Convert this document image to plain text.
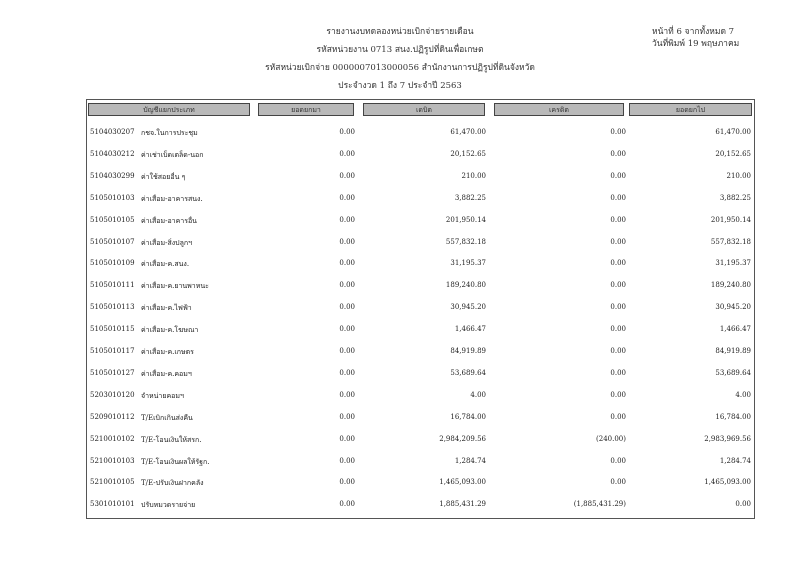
รายงานงบทดลองหน่วยเบิกจ่ายรายเดือน
รหัสหน่วยงาน 0713 สนง.ปฏิรูปที่ดินเพื่อเกษต
รหัสหน่วยเบิกจ่าย 0000007013000056 สำนักงานการปฏิรูปที่ดินจังหวัด
ประจำงวด 1 ถึง 7 ประจำปี 2563
หน้าที่ 6 จากทั้งหมด 7
วันที่พิมพ์ 19 พฤษภาคม
บัญชีแยกประเภท	ยอดยกมา	เดบิต	เครดิต	ยอดยกไป
5104030207 กชจ.ในการประชุม	0.00	61,470.00	0.00	61,470.00
5104030212 ค่าเช่าเบ็ดเตล็ด-นอก	0.00	20,152.65	0.00	20,152.65
5104030299 ค่าใช้สอยอื่น ๆ	0.00	210.00	0.00	210.00
5105010103 ค่าเสื่อม-อาคารสนง.	0.00	3,882.25	0.00	3,882.25
5105010105 ค่าเสื่อม-อาคารอื่น	0.00	201,950.14	0.00	201,950.14
5105010107 ค่าเสื่อม-สิ่งปลูกฯ	0.00	557,832.18	0.00	557,832.18
5105010109 ค่าเสื่อม-ค.สนง.	0.00	31,195.37	0.00	31,195.37
5105010111 ค่าเสื่อม-ค.ยานพาหนะ	0.00	189,240.80	0.00	189,240.80
5105010113 ค่าเสื่อม-ค.ไฟฟ้า	0.00	30,945.20	0.00	30,945.20
5105010115 ค่าเสื่อม-ค.โฆษณา	0.00	1,466.47	0.00	1,466.47
5105010117 ค่าเสื่อม-ค.เกษตร	0.00	84,919.89	0.00	84,919.89
5105010127 ค่าเสื่อม-ค.คอมฯ	0.00	53,689.64	0.00	53,689.64
5203010120 จำหน่ายคอมฯ	0.00	4.00	0.00	4.00
5209010112 T/Eเบิกเกินส่งคืน	0.00	16,784.00	0.00	16,784.00
5210010102 T/E-โอนเงินให้สรก.	0.00	2,984,209.56	(240.00)	2,983,969.56
5210010103 T/E-โอนเงินผลให้รัฐก.	0.00	1,284.74	0.00	1,284.74
5210010105 T/E-ปรับเงินฝากคลัง	0.00	1,465,093.00	0.00	1,465,093.00
5301010101 ปรับหมวดรายจ่าย	0.00	1,885,431.29	(1,885,431.29)	0.00
